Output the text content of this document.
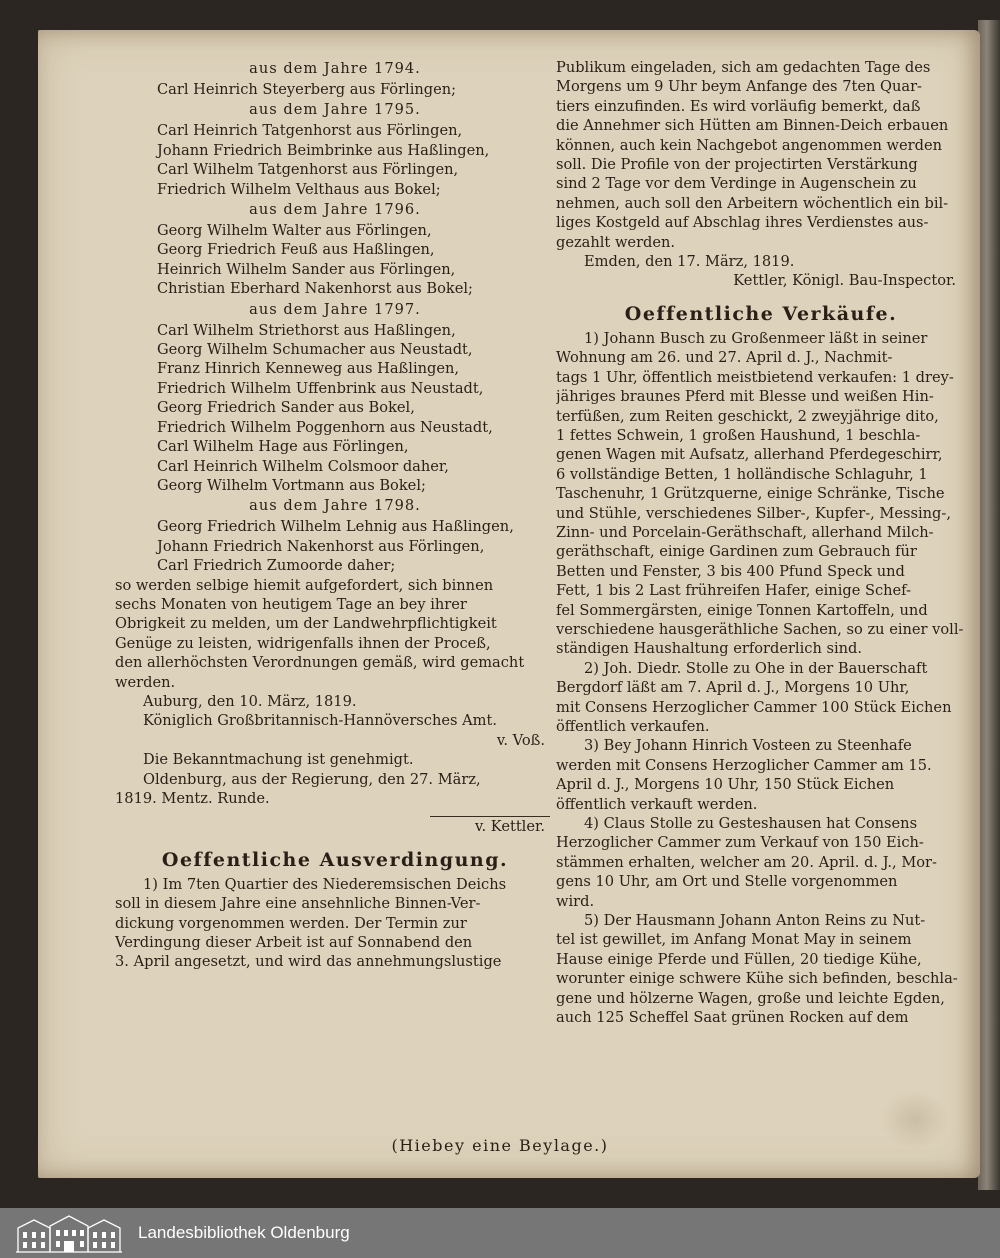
aus dem Jahre 1794.
Carl Heinrich Steyerberg aus Förlingen;
aus dem Jahre 1795.
Carl Heinrich Tatgenhorst aus Förlingen,
Johann Friedrich Beimbrinke aus Haßlingen,
Carl Wilhelm Tatgenhorst aus Förlingen,
Friedrich Wilhelm Velthaus aus Bokel;
aus dem Jahre 1796.
Georg Wilhelm Walter aus Förlingen,
Georg Friedrich Feuß aus Haßlingen,
Heinrich Wilhelm Sander aus Förlingen,
Christian Eberhard Nakenhorst aus Bokel;
aus dem Jahre 1797.
Carl Wilhelm Striethorst aus Haßlingen,
Georg Wilhelm Schumacher aus Neustadt,
Franz Hinrich Kenneweg aus Haßlingen,
Friedrich Wilhelm Uffenbrink aus Neustadt,
Georg Friedrich Sander aus Bokel,
Friedrich Wilhelm Poggenhorn aus Neustadt,
Carl Wilhelm Hage aus Förlingen,
Carl Heinrich Wilhelm Colsmoor daher,
Georg Wilhelm Vortmann aus Bokel;
aus dem Jahre 1798.
Georg Friedrich Wilhelm Lehnig aus Haßlingen,
Johann Friedrich Nakenhorst aus Förlingen,
Carl Friedrich Zumoorde daher;
so werden selbige hiemit aufgefordert, sich binnen
sechs Monaten von heutigem Tage an bey ihrer
Obrigkeit zu melden, um der Landwehrpflichtigkeit
Genüge zu leisten, widrigenfalls ihnen der Proceß,
den allerhöchsten Verordnungen gemäß, wird gemacht
werden.
Auburg, den 10. März, 1819.
Königlich Großbritannisch-Hannöversches Amt.
v. Voß.
Die Bekanntmachung ist genehmigt.
Oldenburg, aus der Regierung, den 27. März,
1819. Mentz. Runde.
v. Kettler.
Oeffentliche Ausverdingung.
1) Im 7ten Quartier des Niederemsischen Deichs
soll in diesem Jahre eine ansehnliche Binnen-Ver-
dickung vorgenommen werden. Der Termin zur
Verdingung dieser Arbeit ist auf Sonnabend den
3. April angesetzt, und wird das annehmungslustige
Publikum eingeladen, sich am gedachten Tage des
Morgens um 9 Uhr beym Anfange des 7ten Quar-
tiers einzufinden. Es wird vorläufig bemerkt, daß
die Annehmer sich Hütten am Binnen-Deich erbauen
können, auch kein Nachgebot angenommen werden
soll. Die Profile von der projectirten Verstärkung
sind 2 Tage vor dem Verdinge in Augenschein zu
nehmen, auch soll den Arbeitern wöchentlich ein bil-
liges Kostgeld auf Abschlag ihres Verdienstes aus-
gezahlt werden.
Emden, den 17. März, 1819.
Kettler, Königl. Bau-Inspector.
Oeffentliche Verkäufe.
1) Johann Busch zu Großenmeer läßt in seiner
Wohnung am 26. und 27. April d. J., Nachmit-
tags 1 Uhr, öffentlich meistbietend verkaufen: 1 drey-
jähriges braunes Pferd mit Blesse und weißen Hin-
terfüßen, zum Reiten geschickt, 2 zweyjährige dito,
1 fettes Schwein, 1 großen Haushund, 1 beschla-
genen Wagen mit Aufsatz, allerhand Pferdegeschirr,
6 vollständige Betten, 1 holländische Schlaguhr, 1
Taschenuhr, 1 Grützquerne, einige Schränke, Tische
und Stühle, verschiedenes Silber-, Kupfer-, Messing-,
Zinn- und Porcelain-Geräthschaft, allerhand Milch-
geräthschaft, einige Gardinen zum Gebrauch für
Betten und Fenster, 3 bis 400 Pfund Speck und
Fett, 1 bis 2 Last frühreifen Hafer, einige Schef-
fel Sommergärsten, einige Tonnen Kartoffeln, und
verschiedene hausgeräthliche Sachen, so zu einer voll-
ständigen Haushaltung erforderlich sind.
2) Joh. Diedr. Stolle zu Ohe in der Bauerschaft
Bergdorf läßt am 7. April d. J., Morgens 10 Uhr,
mit Consens Herzoglicher Cammer 100 Stück Eichen
öffentlich verkaufen.
3) Bey Johann Hinrich Vosteen zu Steenhafe
werden mit Consens Herzoglicher Cammer am 15.
April d. J., Morgens 10 Uhr, 150 Stück Eichen
öffentlich verkauft werden.
4) Claus Stolle zu Gesteshausen hat Consens
Herzoglicher Cammer zum Verkauf von 150 Eich-
stämmen erhalten, welcher am 20. April. d. J., Mor-
gens 10 Uhr, am Ort und Stelle vorgenommen
wird.
5) Der Hausmann Johann Anton Reins zu Nut-
tel ist gewillet, im Anfang Monat May in seinem
Hause einige Pferde und Füllen, 20 tiedige Kühe,
worunter einige schwere Kühe sich befinden, beschla-
gene und hölzerne Wagen, große und leichte Egden,
auch 125 Scheffel Saat grünen Rocken auf dem
(Hiebey eine Beylage.)
Landesbibliothek Oldenburg
